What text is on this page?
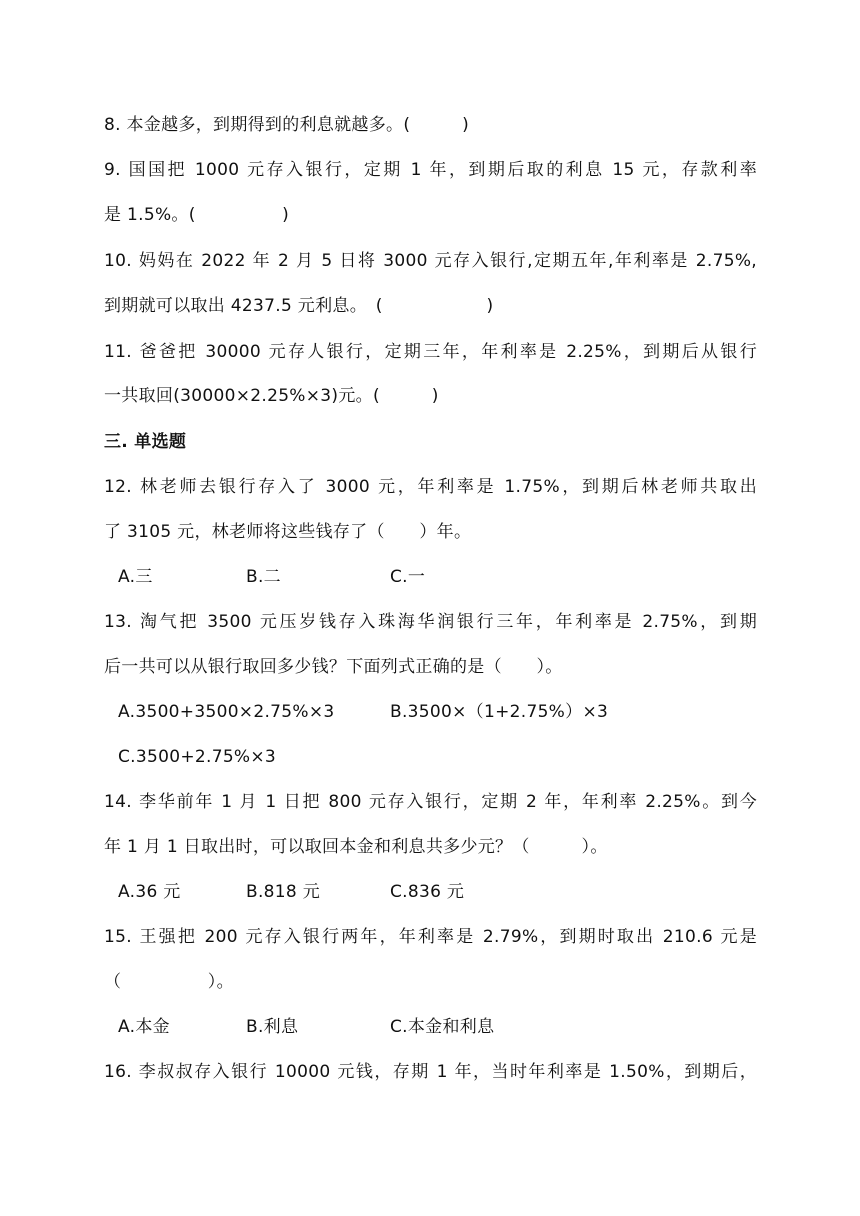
8. 本金越多，到期得到的利息就越多。(　　　)
9. 国国把 1000 元存入银行，定期 1 年，到期后取的利息 15 元，存款利率
是 1.5%。(　　　　　)
10. 妈妈在 2022 年 2 月 5 日将 3000 元存入银行,定期五年,年利率是 2.75%,
到期就可以取出 4237.5 元利息。　(　　　　　　)
11. 爸爸把 30000 元存人银行，定期三年，年利率是 2.25%，到期后从银行
一共取回(30000×2.25%×3)元。(　　　)
三. 单选题
12. 林老师去银行存入了 3000 元，年利率是 1.75%，到期后林老师共取出
了 3105 元，林老师将这些钱存了（　　）年。
A.三	B.二	C.一
13. 淘气把 3500 元压岁钱存入珠海华润银行三年，年利率是 2.75%，到期
后一共可以从银行取回多少钱？下面列式正确的是（　　）。
A.3500+3500×2.75%×3	B.3500×（1+2.75%）×3
C.3500+2.75%×3
14. 李华前年 1 月 1 日把 800 元存入银行，定期 2 年，年利率 2.25%。到今
年 1 月 1 日取出时，可以取回本金和利息共多少元？（　　　）。
A.36 元	B.818 元	C.836 元
15. 王强把 200 元存入银行两年，年利率是 2.79%，到期时取出 210.6 元是
（　　　　　）。
A.本金	B.利息	C.本金和利息
16. 李叔叔存入银行 10000 元钱，存期 1 年，当时年利率是 1.50%，到期后，
